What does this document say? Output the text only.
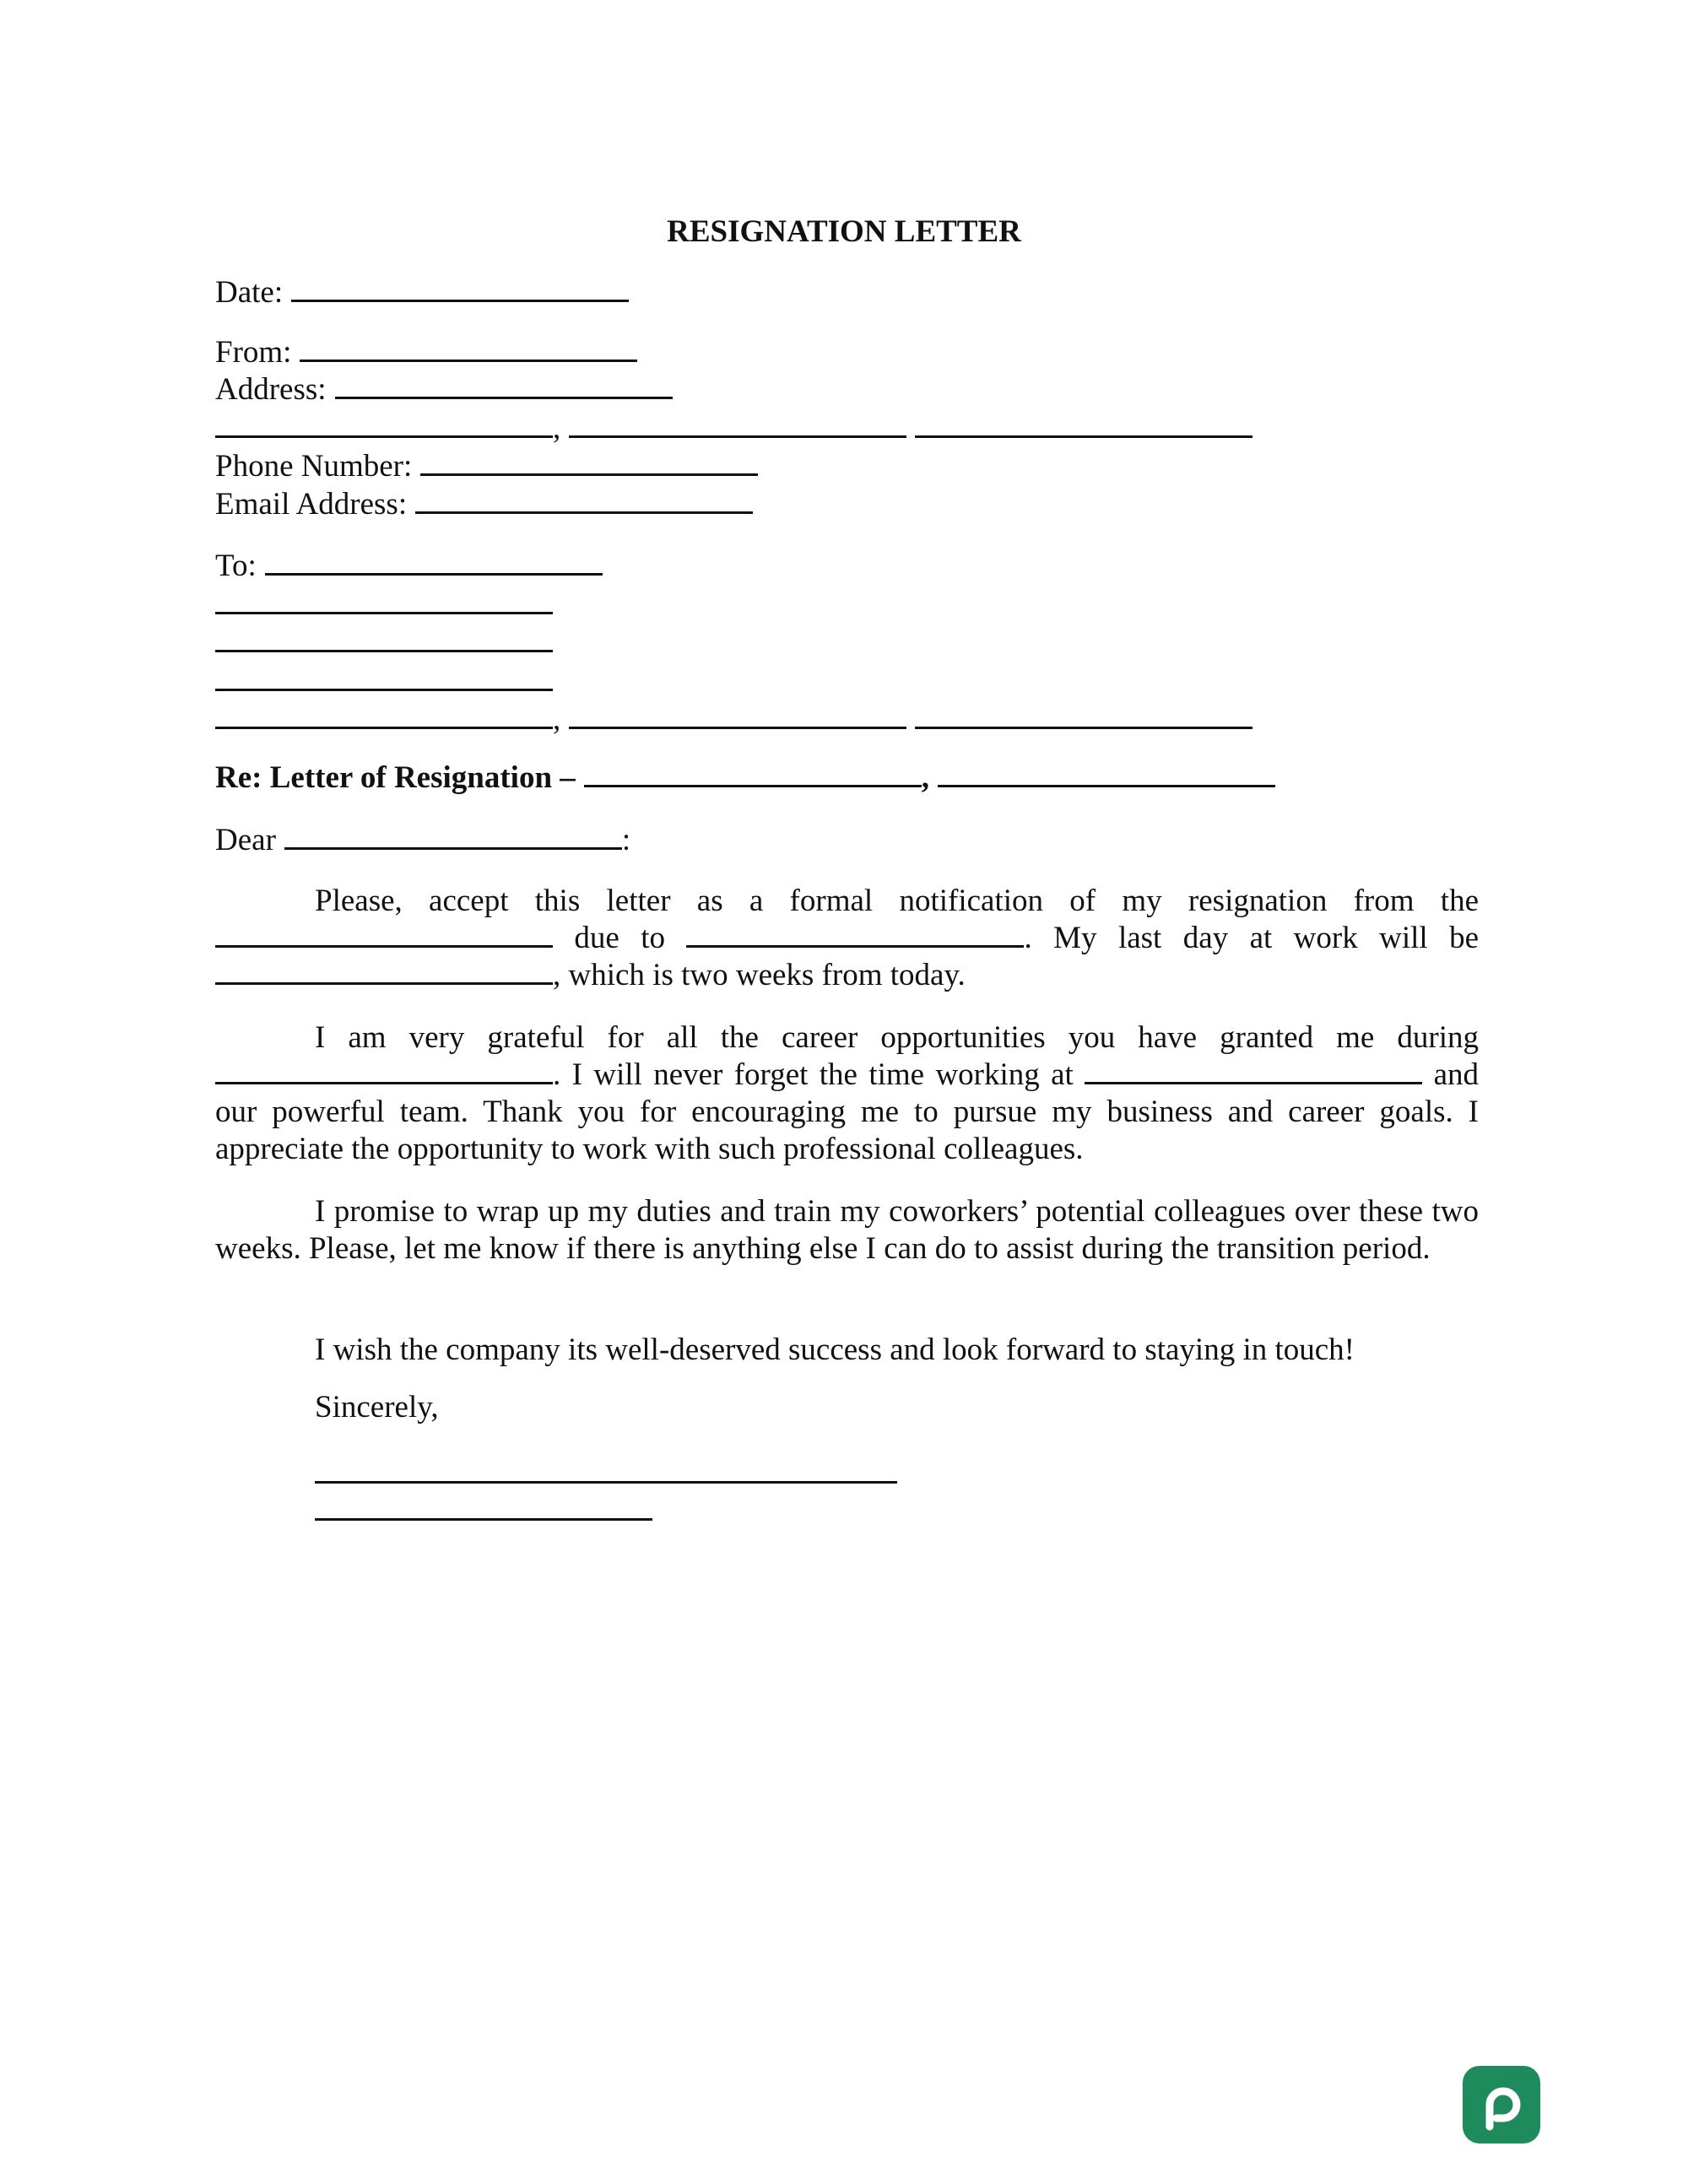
RESIGNATION LETTER
Date:
From:
Address:
,
Phone Number:
Email Address:
To:
,
Re: Letter of Resignation –	,
Dear	:
Please, accept this letter as a formal notification of my resignation from the  due to	. My last day at work will be , which is two weeks from today.
I am very grateful for all the career opportunities you have granted me during . I will never forget the time working at	and our powerful team. Thank you for encouraging me to pursue my business and career goals. I appreciate the opportunity to work with such professional colleagues.
I promise to wrap up my duties and train my coworkers’ potential colleagues over these two weeks. Please, let me know if there is anything else I can do to assist during the transition period.
I wish the company its well-deserved success and look forward to staying in touch!
Sincerely,
